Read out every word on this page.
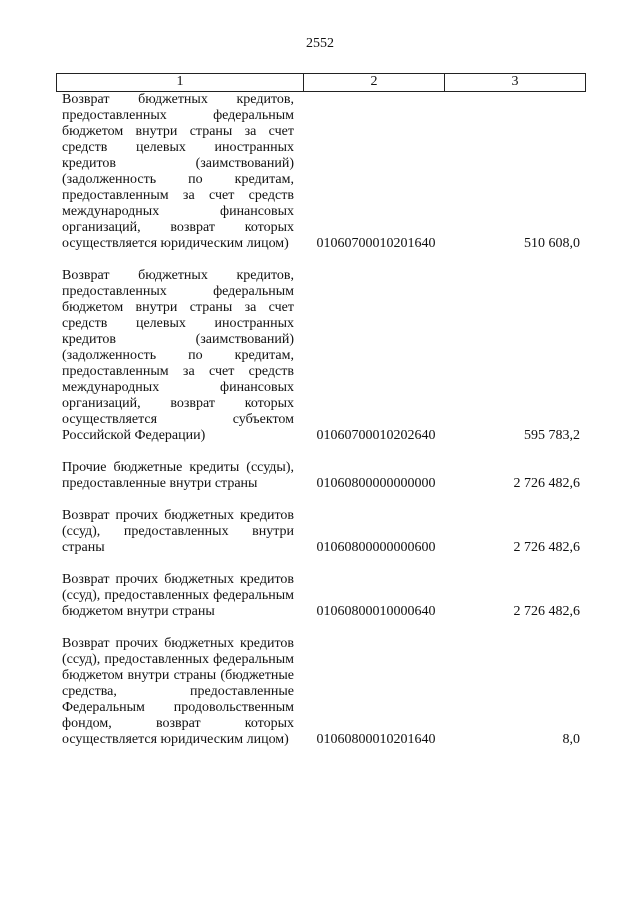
2552
1	2	3
Возврат бюджетных кредитов, предоставленных федеральным бюджетом внутри страны за счет средств целевых иностранных кредитов (заимствований) (задолженность по кредитам, предоставленным за счет средств международных финансовых организаций, возврат которых осуществляется юридическим лицом)	01060700010201640	510 608,0
Возврат бюджетных кредитов, предоставленных федеральным бюджетом внутри страны за счет средств целевых иностранных кредитов (заимствований) (задолженность по кредитам, предоставленным за счет средств международных финансовых организаций, возврат которых осуществляется субъектом Российской Федерации)	01060700010202640	595 783,2
Прочие бюджетные кредиты (ссуды), предоставленные внутри страны	01060800000000000	2 726 482,6
Возврат прочих бюджетных кредитов (ссуд), предоставленных внутри страны	01060800000000600	2 726 482,6
Возврат прочих бюджетных кредитов (ссуд), предоставленных федеральным бюджетом внутри страны	01060800010000640	2 726 482,6
Возврат прочих бюджетных кредитов (ссуд), предоставленных федеральным бюджетом внутри страны (бюджетные средства, предоставленные Федеральным продовольственным фондом, возврат которых осуществляется юридическим лицом)	01060800010201640	8,0
